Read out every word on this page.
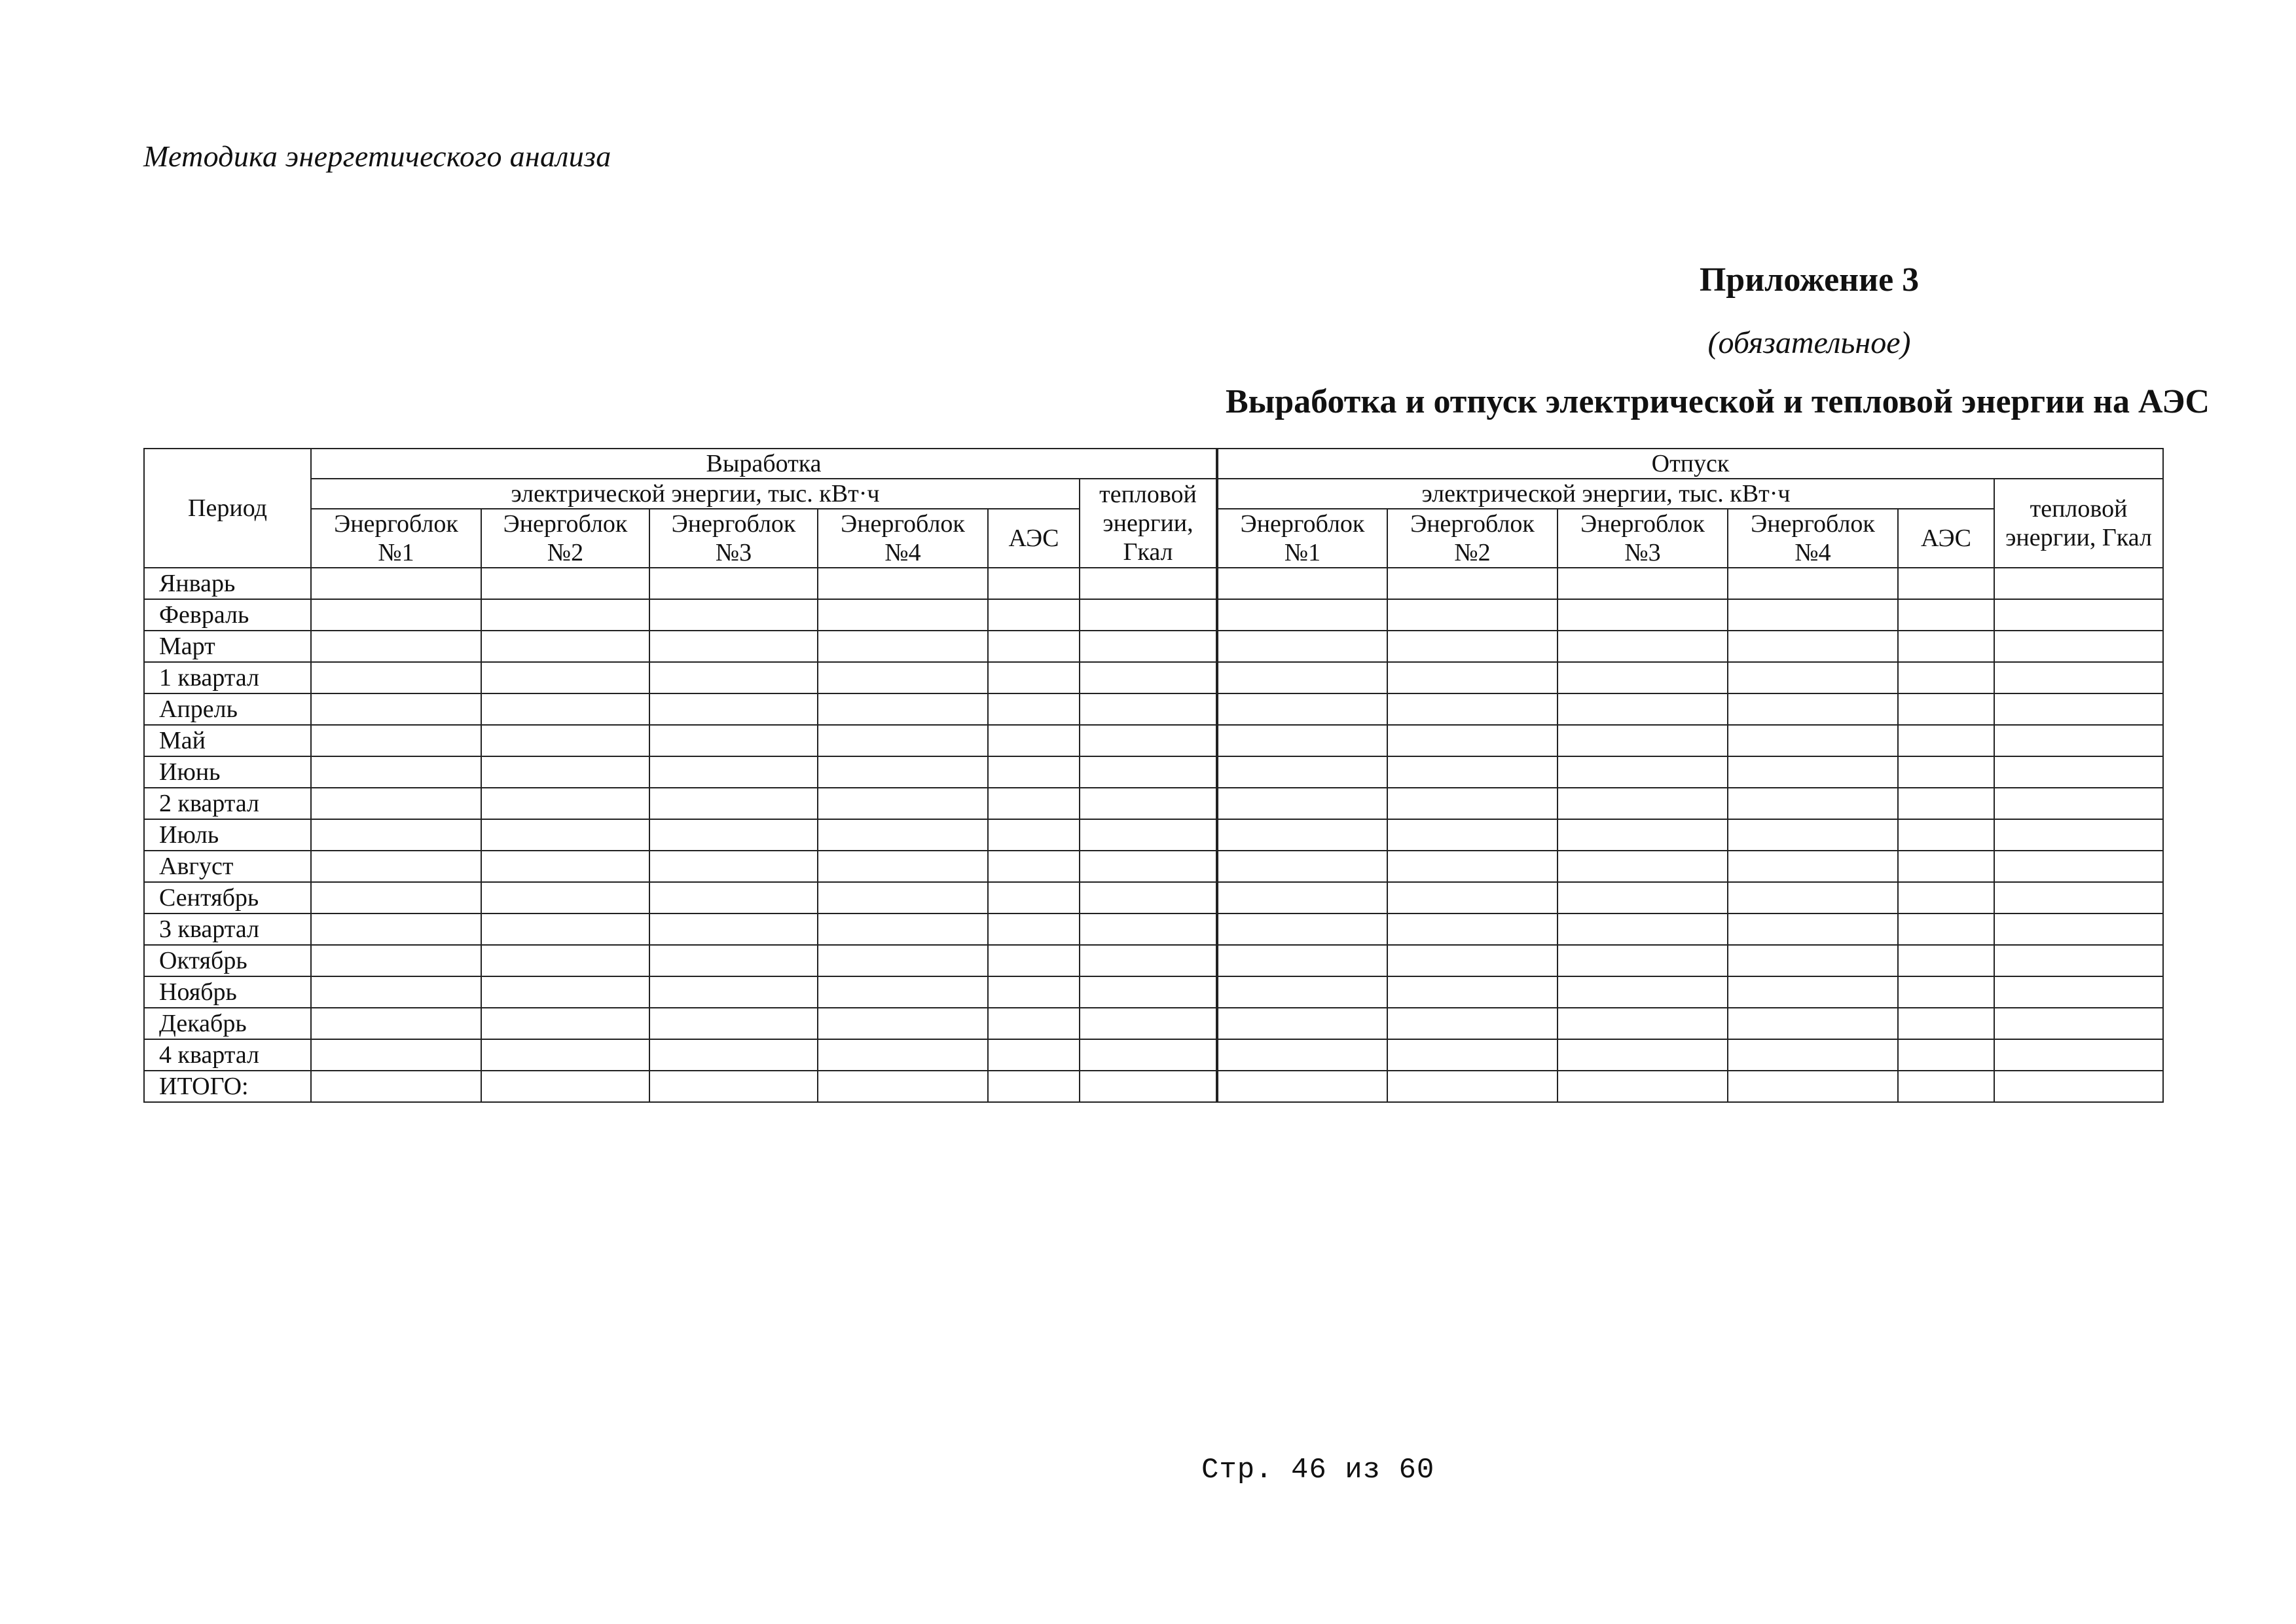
Методика энергетического анализа
Приложение 3
(обязательное)
Выработка и отпуск электрической и тепловой энергии на АЭС
Период	Выработка						Отпуск					
	электрической энергии, тыс. кВт·ч					тепловой энергии, Гкал	электрической энергии, тыс. кВт·ч					тепловой энергии, Гкал
	Энергоблок №1	Энергоблок №2	Энергоблок №3	Энергоблок №4	АЭС		Энергоблок №1	Энергоблок №2	Энергоблок №3	Энергоблок №4	АЭС	
Январь												
Февраль												
Март												
1 квартал												
Апрель												
Май												
Июнь												
2 квартал												
Июль												
Август												
Сентябрь												
3 квартал												
Октябрь												
Ноябрь												
Декабрь												
4 квартал												
ИТОГО:												
Стр. 46 из 60
